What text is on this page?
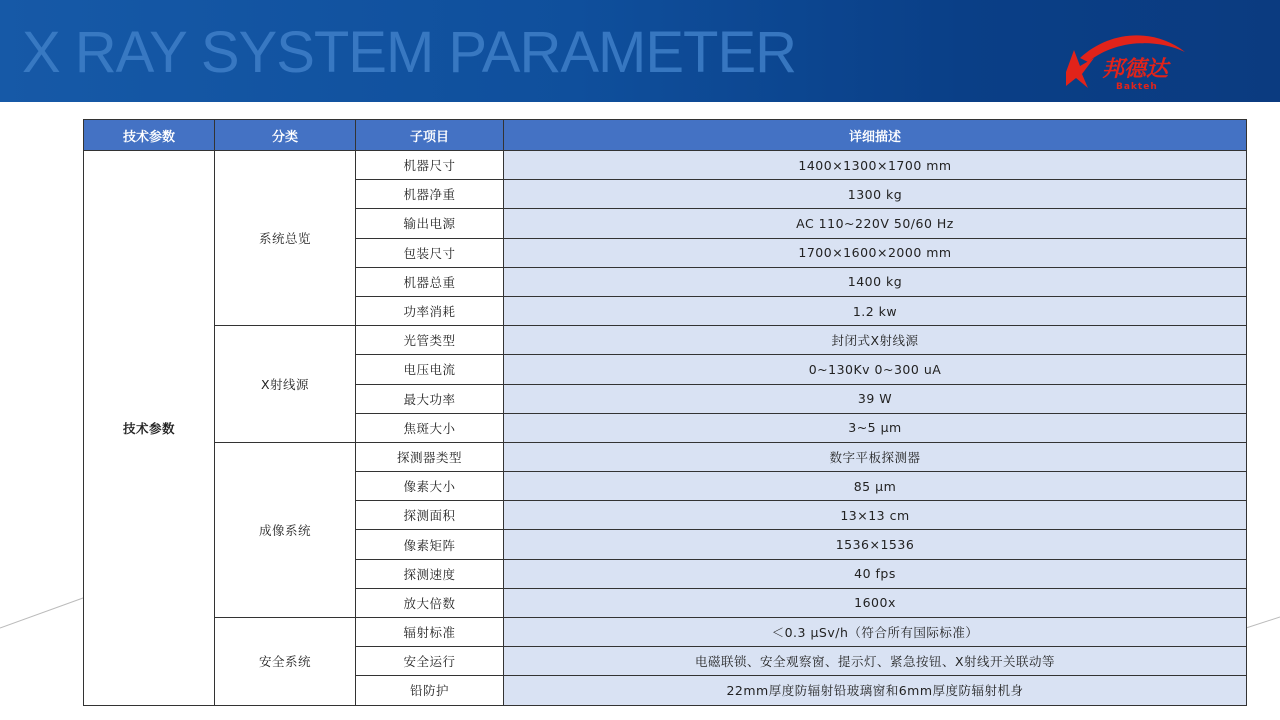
X RAY SYSTEM PARAMETER	邦德达
Bakteh
技术参数	分类	子项目	详细描述
技术参数	系统总览	机器尺寸	1400×1300×1700 mm
		机器净重	1300 kg
		输出电源	AC 110~220V 50/60 Hz
		包装尺寸	1700×1600×2000 mm
		机器总重	1400 kg
		功率消耗	1.2 kw
	X射线源	光管类型	封闭式X射线源
		电压电流	0~130Kv 0~300 uA
		最大功率	39 W
		焦斑大小	3~5 μm
	成像系统	探测器类型	数字平板探测器
		像素大小	85 μm
		探测面积	13×13 cm
		像素矩阵	1536×1536
		探测速度	40 fps
		放大倍数	1600x
	安全系统	辐射标准	＜0.3 μSv/h（符合所有国际标准）
		安全运行	电磁联锁、安全观察窗、提示灯、紧急按钮、X射线开关联动等
		铅防护	22mm厚度防辐射铅玻璃窗和6mm厚度防辐射机身
